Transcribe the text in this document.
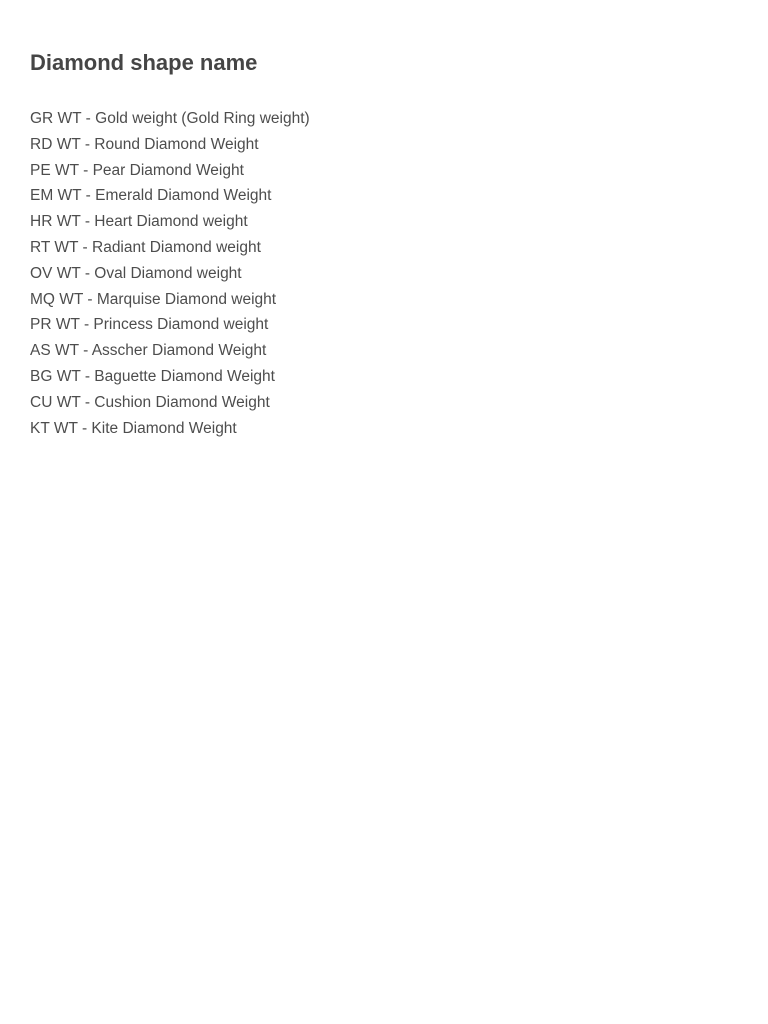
Diamond shape name
GR WT - Gold weight (Gold Ring weight)
RD WT - Round Diamond Weight
PE WT - Pear Diamond Weight
EM WT - Emerald Diamond Weight
HR WT - Heart Diamond weight
RT WT - Radiant Diamond weight
OV WT - Oval Diamond weight
MQ WT - Marquise Diamond weight
PR WT - Princess Diamond weight
AS WT - Asscher Diamond Weight
BG WT - Baguette Diamond Weight
CU WT - Cushion Diamond Weight
KT WT - Kite Diamond Weight
